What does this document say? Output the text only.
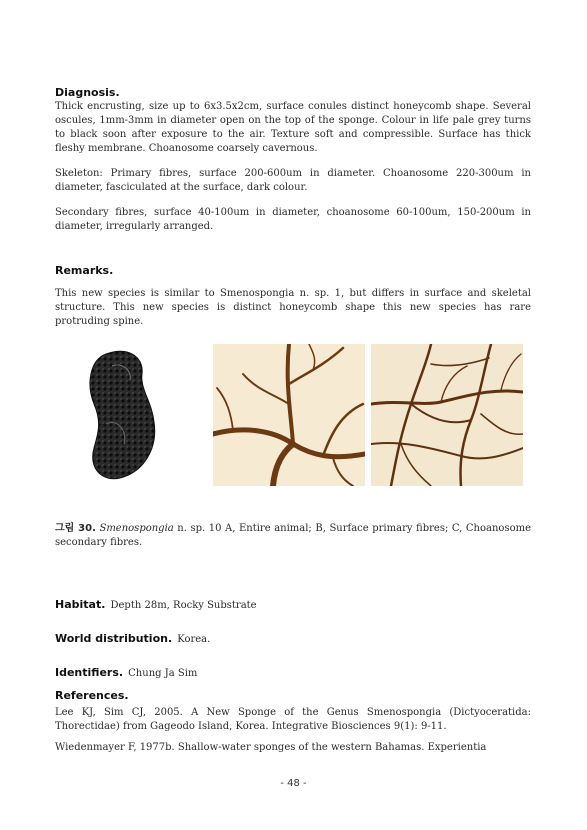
Diagnosis.
Thick encrusting, size up to 6x3.5x2cm, surface conules distinct honeycomb shape. Several oscules, 1mm-3mm in diameter open on the top of the sponge. Colour in life pale grey turns to black soon after exposure to the air. Texture soft and compressible. Surface has thick fleshy membrane. Choanosome coarsely cavernous.
Skeleton: Primary fibres, surface 200-600um in diameter. Choanosome 220-300um in diameter, fasciculated at the surface, dark colour.
Secondary fibres, surface 40-100um in diameter, choanosome 60-100um, 150-200um in diameter, irregularly arranged.
Remarks.
This new species is similar to Smenospongia n. sp. 1, but differs in surface and skeletal structure. This new species is distinct honeycomb shape this new species has rare protruding spine.
그림 30. Smenospongia n. sp. 10 A, Entire animal; B, Surface primary fibres; C, Choanosome secondary fibres.
Habitat. Depth 28m, Rocky Substrate
World distribution. Korea.
Identifiers. Chung Ja Sim
References.
Lee KJ, Sim CJ, 2005. A New Sponge of the Genus Smenospongia (Dictyoceratida: Thorectidae) from Gageodo Island, Korea. Integrative Biosciences 9(1): 9-11.
Wiedenmayer F, 1977b. Shallow-water sponges of the western Bahamas. Experientia
- 48 -
